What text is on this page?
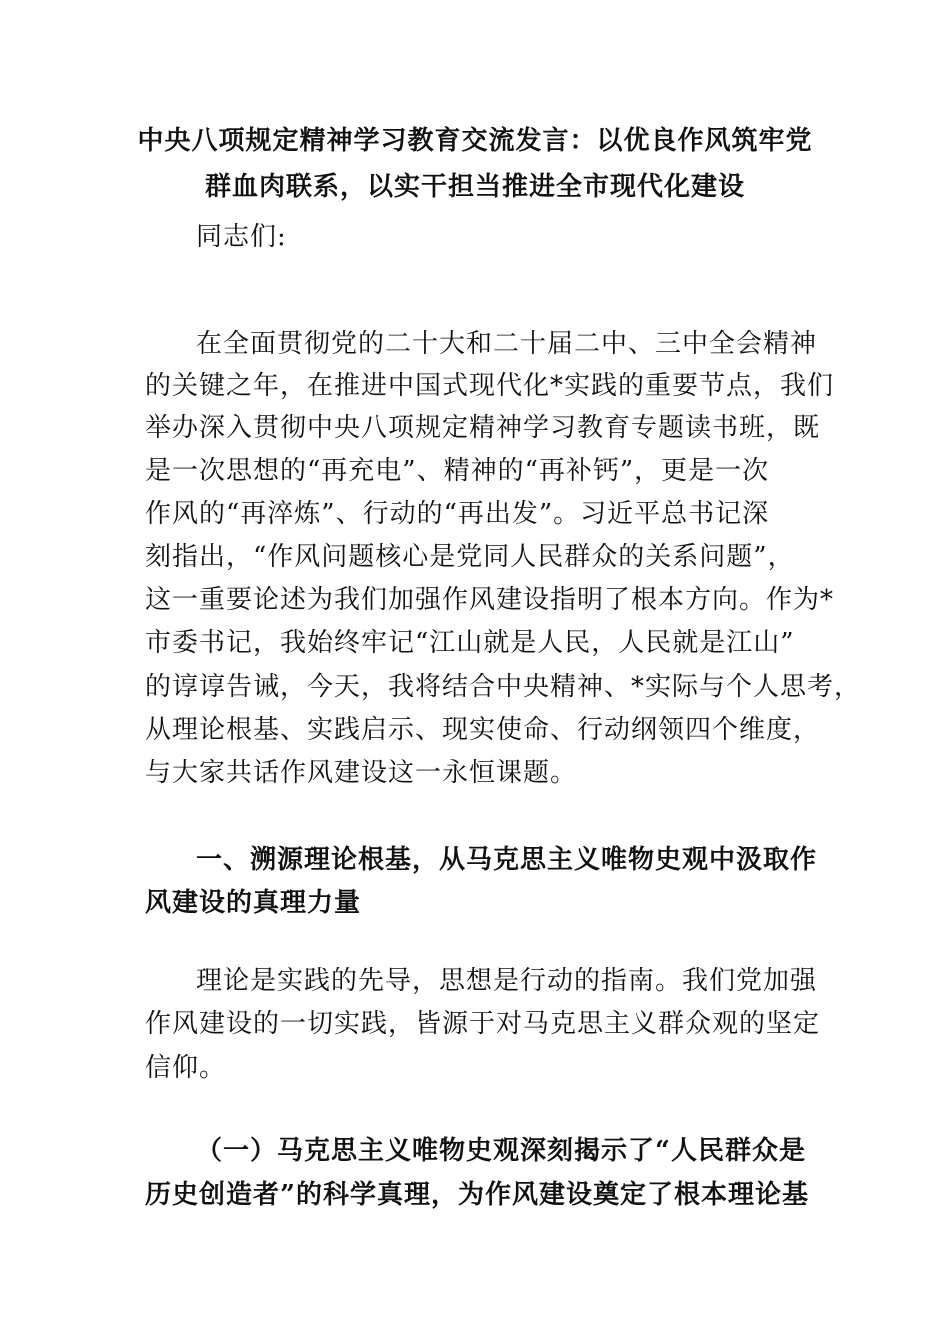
中央八项规定精神学习教育交流发言：以优良作风筑牢党
群血肉联系，以实干担当推进全市现代化建设
同志们:
在全面贯彻党的二十大和二十届二中、三中全会精神
的关键之年，在推进中国式现代化*实践的重要节点，我们
举办深入贯彻中央八项规定精神学习教育专题读书班，既
是一次思想的“再充电”、精神的“再补钙”，更是一次
作风的“再淬炼”、行动的“再出发”。习近平总书记深
刻指出，“作风问题核心是党同人民群众的关系问题”，
这一重要论述为我们加强作风建设指明了根本方向。作为*
市委书记，我始终牢记“江山就是人民，人民就是江山”
的谆谆告诫，今天，我将结合中央精神、*实际与个人思考，
从理论根基、实践启示、现实使命、行动纲领四个维度，
与大家共话作风建设这一永恒课题。
一、溯源理论根基，从马克思主义唯物史观中汲取作
风建设的真理力量
理论是实践的先导，思想是行动的指南。我们党加强
作风建设的一切实践，皆源于对马克思主义群众观的坚定
信仰。
（一）马克思主义唯物史观深刻揭示了“人民群众是
历史创造者”的科学真理，为作风建设奠定了根本理论基
